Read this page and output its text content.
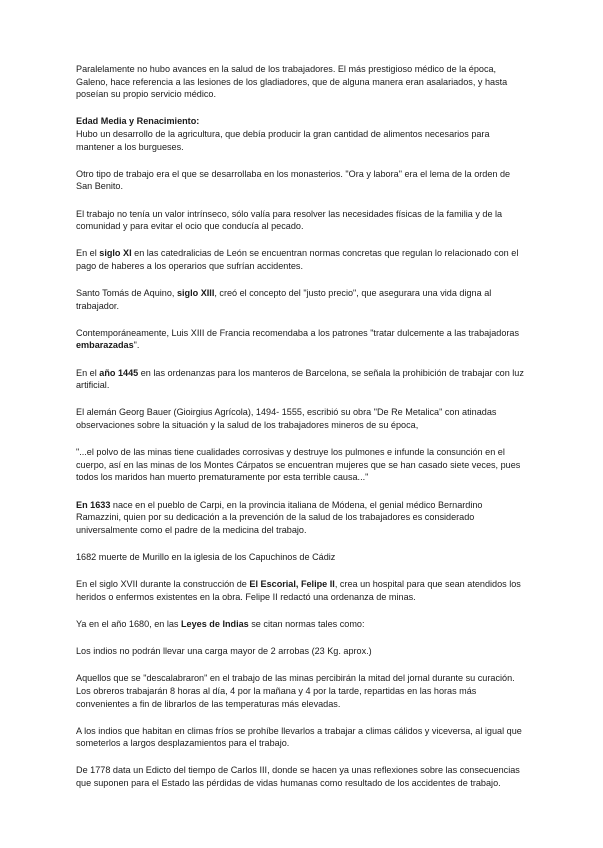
Paralelamente no hubo avances en la salud de los trabajadores. El más prestigioso médico de la época, Galeno, hace referencia a las lesiones de los gladiadores, que de alguna manera eran asalariados, y hasta poseían su propio servicio médico.
Edad Media y Renacimiento:
Hubo un desarrollo de la agricultura, que debía producir la gran cantidad de alimentos necesarios para mantener a los burgueses.
Otro tipo de trabajo era el que se desarrollaba en los monasterios. "Ora y labora" era el lema de la orden de San Benito.
El trabajo no tenía un valor intrínseco, sólo valía para resolver las necesidades físicas de la familia y de la comunidad y para evitar el ocio que conducía al pecado.
En el siglo XI en las catedralicias de León se encuentran normas concretas que regulan lo relacionado con el pago de haberes a los operarios que sufrían accidentes.
Santo Tomás de Aquino, siglo XIII, creó el concepto del "justo precio", que asegurara una vida digna al trabajador.
Contemporáneamente, Luis XIII de Francia recomendaba a los patrones "tratar dulcemente a las trabajadoras embarazadas".
En el año 1445 en las ordenanzas para los manteros de Barcelona, se señala la prohibición de trabajar con luz artificial.
El alemán Georg Bauer (Gioirgius Agrícola), 1494- 1555, escribió su obra "De Re Metalica" con atinadas observaciones sobre la situación y la salud de los trabajadores mineros de su época,
"...el polvo de las minas tiene cualidades corrosivas y destruye los pulmones e infunde la consunción en el cuerpo, así en las minas de los Montes Cárpatos se encuentran mujeres que se han casado siete veces, pues todos los maridos han muerto prematuramente por esta terrible causa..."
En 1633 nace en el pueblo de Carpi, en la provincia italiana de Módena, el genial médico Bernardino Ramazzini, quien por su dedicación a la prevención de la salud de los trabajadores es considerado universalmente como el padre de la medicina del trabajo.
1682 muerte de Murillo en la iglesia de los Capuchinos de Cádiz
En el siglo XVII durante la construcción de El Escorial, Felipe II, crea un hospital para que sean atendidos los heridos o enfermos existentes en la obra. Felipe II redactó una ordenanza de minas.
Ya en el año 1680, en las Leyes de Indias se citan normas tales como:
Los indios no podrán llevar una carga mayor de 2 arrobas (23 Kg. aprox.)
Aquellos que se "descalabraron" en el trabajo de las minas percibirán la mitad del jornal durante su curación. Los obreros trabajarán 8 horas al día, 4 por la mañana y 4 por la tarde, repartidas en las horas más convenientes a fin de librarlos de las temperaturas más elevadas.
A los indios que habitan en climas fríos se prohíbe llevarlos a trabajar a climas cálidos y viceversa, al igual que someterlos a largos desplazamientos para el trabajo.
De 1778 data un Edicto del tiempo de Carlos III, donde se hacen ya unas reflexiones sobre las consecuencias que suponen para el Estado las pérdidas de vidas humanas como resultado de los accidentes de trabajo.
